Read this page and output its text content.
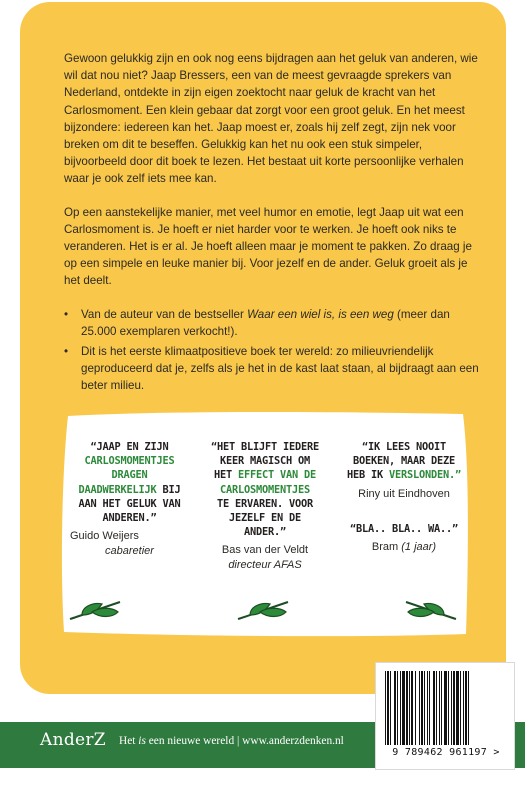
Gewoon gelukkig zijn en ook nog eens bijdragen aan het geluk van anderen, wie wil dat nou niet? Jaap Bressers, een van de meest gevraagde sprekers van Nederland, ontdekte in zijn eigen zoektocht naar geluk de kracht van het Carlosmoment. Een klein gebaar dat zorgt voor een groot geluk. En het meest bijzondere: iedereen kan het. Jaap moest er, zoals hij zelf zegt, zijn nek voor breken om dit te beseffen. Gelukkig kan het nu ook een stuk simpeler, bijvoorbeeld door dit boek te lezen. Het bestaat uit korte persoonlijke verhalen waar je ook zelf iets mee kan.

Op een aanstekelijke manier, met veel humor en emotie, legt Jaap uit wat een Carlosmoment is. Je hoeft er niet harder voor te werken. Je hoeft ook niks te veranderen. Het is er al. Je hoeft alleen maar je moment te pakken. Zo draag je op een simpele en leuke manier bij. Voor jezelf en de ander. Geluk groeit als je het deelt.

• Van de auteur van de bestseller Waar een wiel is, is een weg (meer dan 25.000 exemplaren verkocht!).
• Dit is het eerste klimaatpositieve boek ter wereld: zo milieuvriendelijk geproduceerd dat je, zelfs als je het in de kast laat staan, al bijdraagt aan een beter milieu.
“JAAP EN ZIJN
CARLOSMOMENTJES
DRAGEN
DAADWERKELIJK BIJ
AAN HET GELUK VAN
ANDEREN.”
Guido Weijers
cabaretier
“HET BLIJFT IEDERE
KEER MAGISCH OM
HET EFFECT VAN DE
CARLOSMOMENTJES
TE ERVAREN. VOOR
JEZELF EN DE
ANDER.”
Bas van der Veldt
directeur AFAS
“IK LEES NOOIT
BOEKEN, MAAR DEZE
HEB IK VERSLONDEN.”
Riny uit Eindhoven
“BLA.. BLA.. WA..”
Bram (1 jaar)
AnderZ Het is een nieuwe wereld | www.anderzdenken.nl
9 789462 961197 >
